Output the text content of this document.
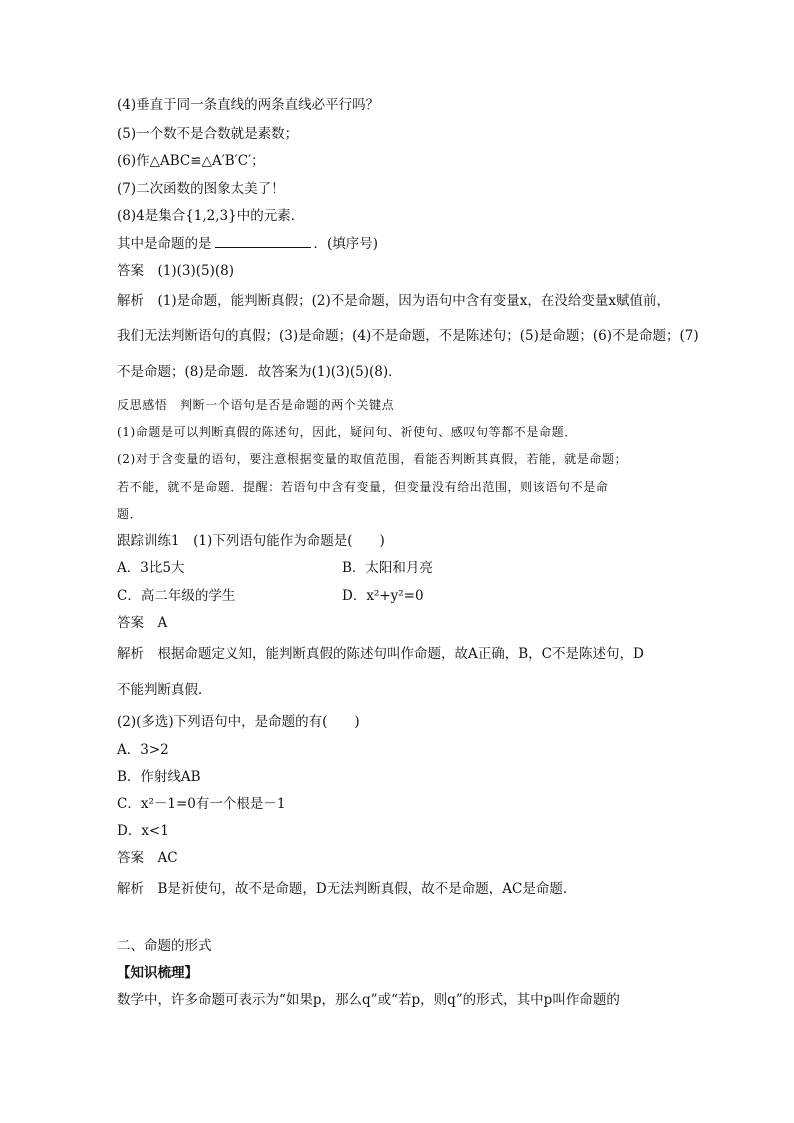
(4)垂直于同一条直线的两条直线必平行吗？
(5)一个数不是合数就是素数；
(6)作△ABC≌△A′B′C′；
(7)二次函数的图象太美了！
(8)4是集合{1,2,3}中的元素．
其中是命题的是	．(填序号)
答案　(1)(3)(5)(8)
解析　(1)是命题，能判断真假；(2)不是命题，因为语句中含有变量x，在没给变量x赋值前，
我们无法判断语句的真假；(3)是命题；(4)不是命题，不是陈述句；(5)是命题；(6)不是命题；(7)
不是命题；(8)是命题．故答案为(1)(3)(5)(8)．
反思感悟　判断一个语句是否是命题的两个关键点
(1)命题是可以判断真假的陈述句，因此，疑问句、祈使句、感叹句等都不是命题．
(2)对于含变量的语句，要注意根据变量的取值范围，看能否判断其真假，若能，就是命题；
若不能，就不是命题．提醒：若语句中含有变量，但变量没有给出范围，则该语句不是命
题．
跟踪训练1　(1)下列语句能作为命题是(　　)
A．3比5大	B．太阳和月亮
C．高二年级的学生	D．x²+y²=0
答案　A
解析　根据命题定义知，能判断真假的陈述句叫作命题，故A正确，B，C不是陈述句，D
不能判断真假．
(2)(多选)下列语句中，是命题的有(　　)
A．3>2
B．作射线AB
C．x²－1=0有一个根是－1
D．x<1
答案　AC
解析　B是祈使句，故不是命题，D无法判断真假，故不是命题，AC是命题．
二、命题的形式
【知识梳理】
数学中，许多命题可表示为“如果p，那么q”或“若p，则q”的形式，其中p叫作命题的
